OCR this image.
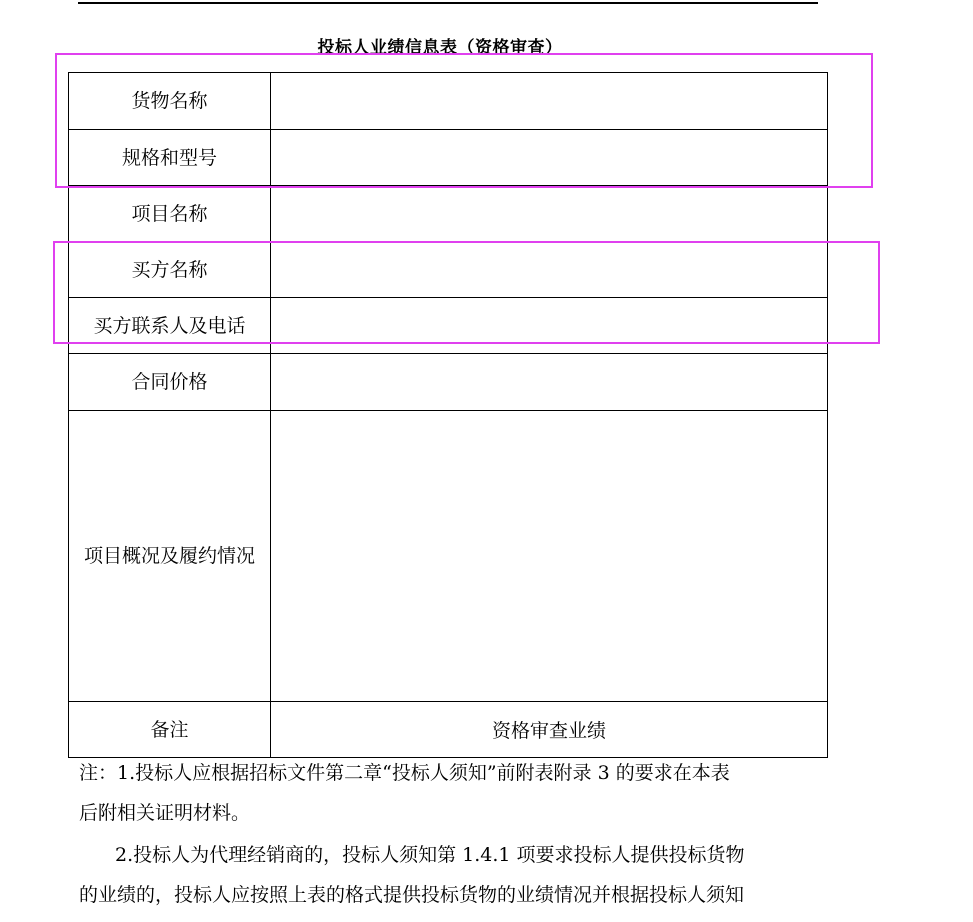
投标人业绩信息表（资格审查）
货物名称	
规格和型号	
项目名称	
买方名称	
买方联系人及电话	
合同价格	

项目概况及履约情况	

备注	资格审查业绩
注：1.投标人应根据招标文件第二章“投标人须知”前附表附录 3 的要求在本表
后附相关证明材料。
2.投标人为代理经销商的，投标人须知第 1.4.1 项要求投标人提供投标货物
的业绩的，投标人应按照上表的格式提供投标货物的业绩情况并根据投标人须知
